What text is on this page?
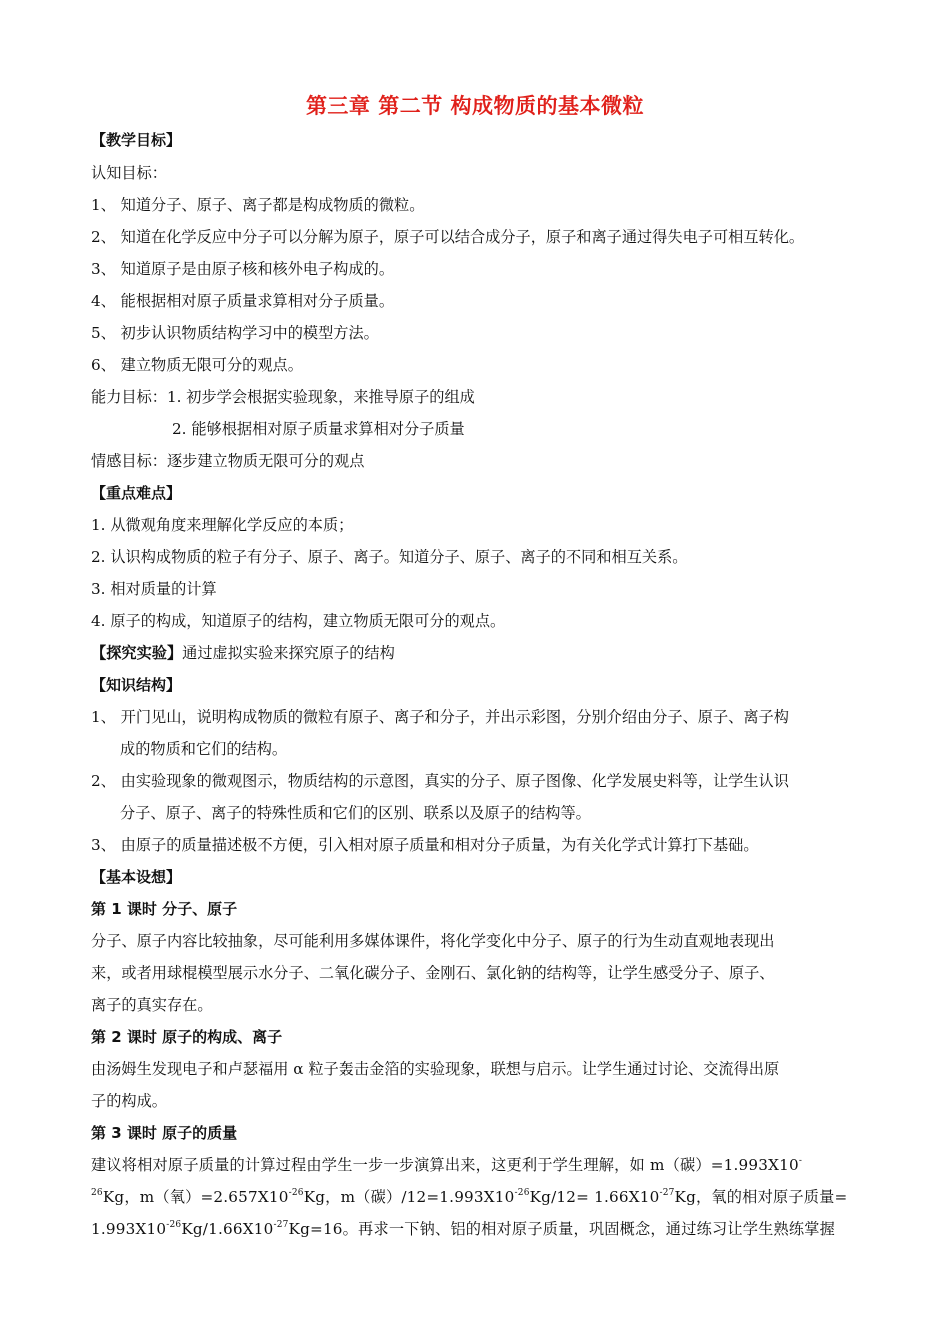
第三章 第二节 构成物质的基本微粒
【教学目标】
认知目标：
1、 知道分子、原子、离子都是构成物质的微粒。
2、 知道在化学反应中分子可以分解为原子，原子可以结合成分子，原子和离子通过得失电子可相互转化。
3、 知道原子是由原子核和核外电子构成的。
4、 能根据相对原子质量求算相对分子质量。
5、 初步认识物质结构学习中的模型方法。
6、 建立物质无限可分的观点。
能力目标：1. 初步学会根据实验现象，来推导原子的组成
2. 能够根据相对原子质量求算相对分子质量
情感目标：逐步建立物质无限可分的观点
【重点难点】
1. 从微观角度来理解化学反应的本质；
2. 认识构成物质的粒子有分子、原子、离子。知道分子、原子、离子的不同和相互关系。
3. 相对质量的计算
4. 原子的构成，知道原子的结构，建立物质无限可分的观点。
【探究实验】通过虚拟实验来探究原子的结构
【知识结构】
1、 开门见山，说明构成物质的微粒有原子、离子和分子，并出示彩图，分别介绍由分子、原子、离子构
成的物质和它们的结构。
2、 由实验现象的微观图示，物质结构的示意图，真实的分子、原子图像、化学发展史料等，让学生认识
分子、原子、离子的特殊性质和它们的区别、联系以及原子的结构等。
3、 由原子的质量描述极不方便，引入相对原子质量和相对分子质量，为有关化学式计算打下基础。
【基本设想】
第 1 课时 分子、原子
分子、原子内容比较抽象，尽可能利用多媒体课件，将化学变化中分子、原子的行为生动直观地表现出
来，或者用球棍模型展示水分子、二氧化碳分子、金刚石、氯化钠的结构等，让学生感受分子、原子、
离子的真实存在。
第 2 课时 原子的构成、离子
由汤姆生发现电子和卢瑟福用 α 粒子轰击金箔的实验现象，联想与启示。让学生通过讨论、交流得出原
子的构成。
第 3 课时 原子的质量
建议将相对原子质量的计算过程由学生一步一步演算出来，这更利于学生理解，如 m（碳）=1.993X10-
$^{26}$Kg，m（氧）$=2.657X10^{-26}Kg$，m（碳）$/12=1.993X10^{-26}Kg/12= 1.66X10^{-27}Kg$，氧的相对原子质量=
$1.993X10^{-26}Kg/1.66X10^{-27}Kg=16$。再求一下钠、铝的相对原子质量，巩固概念，通过练习让学生熟练掌握
